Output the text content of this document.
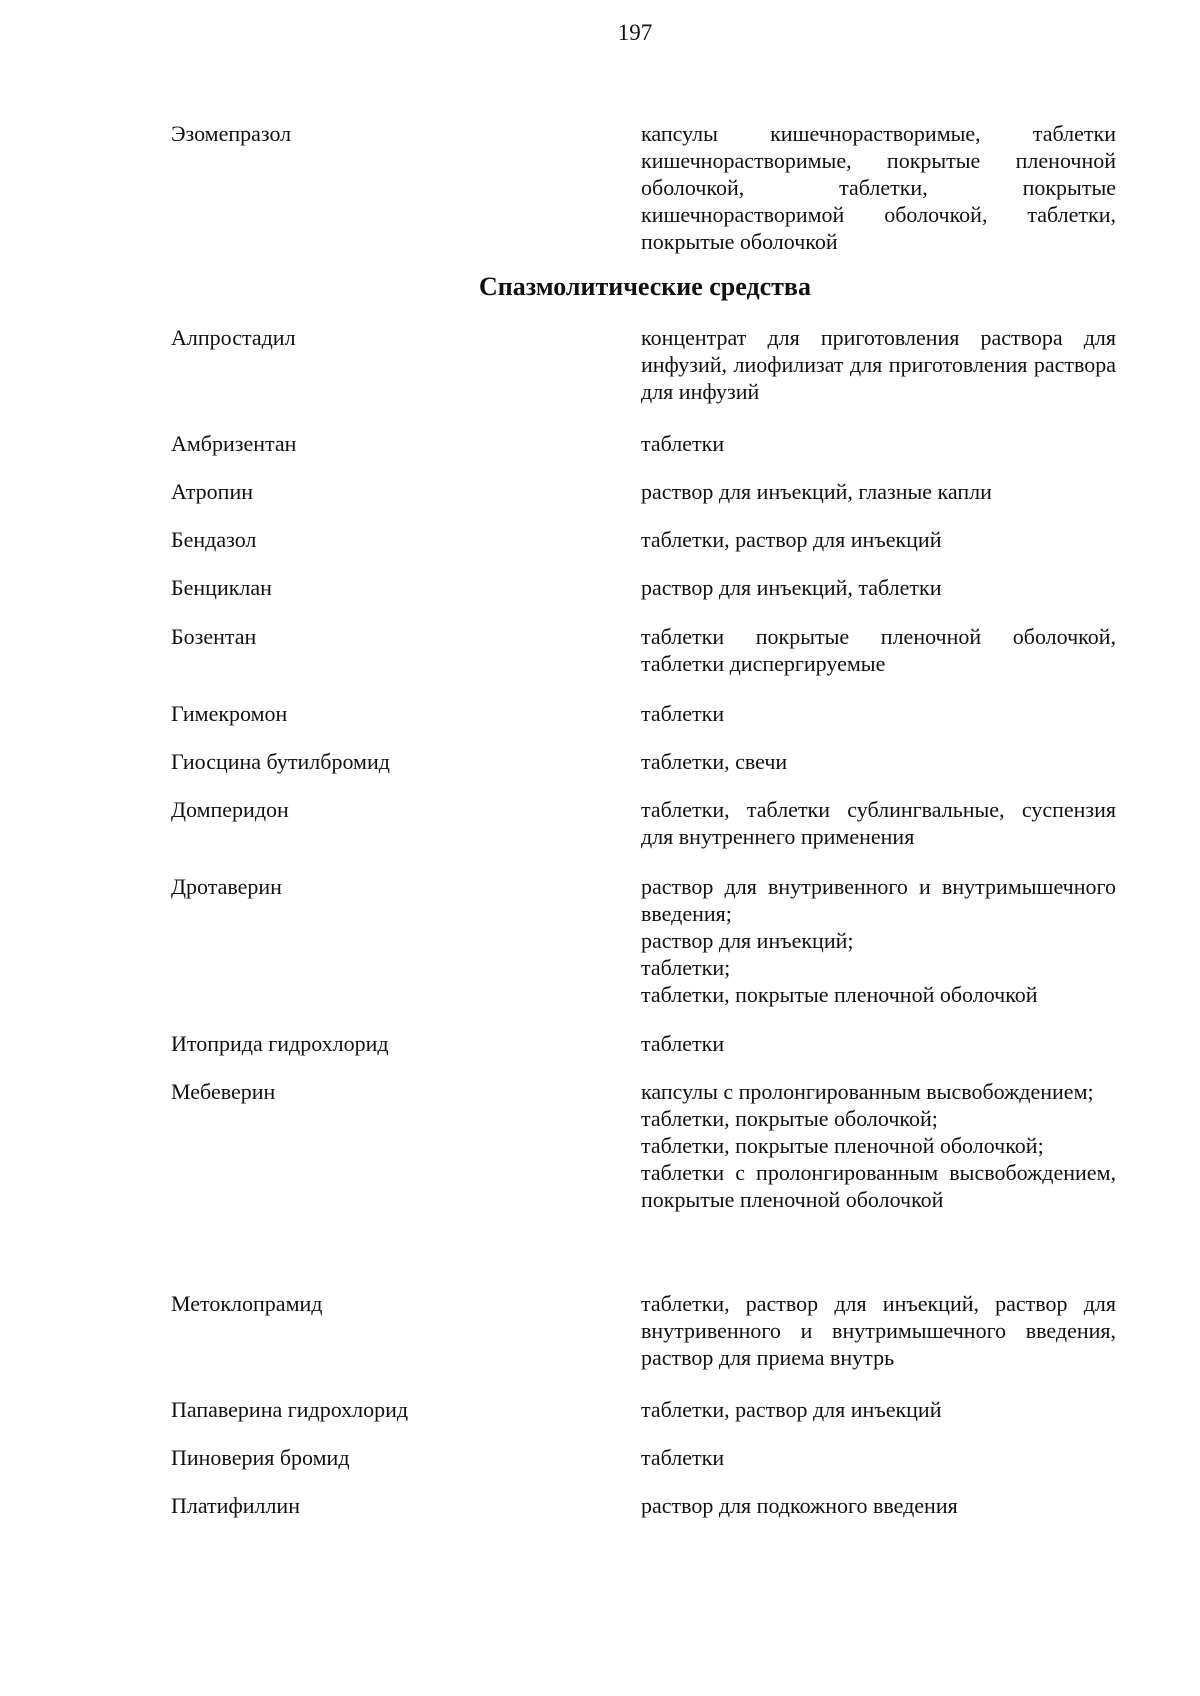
197
Эзомепразол	капсулы кишечнорастворимые, таблетки кишечнорастворимые, покрытые пленочной оболочкой, таблетки, покрытые кишечнорастворимой оболочкой, таблетки, покрытые оболочкой
Спазмолитические средства
Алпростадил	концентрат для приготовления раствора для инфузий, лиофилизат для приготовления раствора для инфузий
Амбризентан	таблетки
Атропин	раствор для инъекций, глазные капли
Бендазол	таблетки, раствор для инъекций
Бенциклан	раствор для инъекций, таблетки
Бозентан	таблетки покрытые пленочной оболочкой, таблетки диспергируемые
Гимекромон	таблетки
Гиосцина бутилбромид	таблетки, свечи
Домперидон	таблетки, таблетки сублингвальные, суспензия для внутреннего применения
Дротаверин	раствор для внутривенного и внутримышечного введения;
раствор для инъекций;
таблетки;
таблетки, покрытые пленочной оболочкой
Итоприда гидрохлорид	таблетки
Мебеверин	капсулы с пролонгированным высвобождением;
таблетки, покрытые оболочкой;
таблетки, покрытые пленочной оболочкой;
таблетки с пролонгированным высвобождением, покрытые пленочной оболочкой
Метоклопрамид	таблетки, раствор для инъекций, раствор для внутривенного и внутримышечного введения, раствор для приема внутрь
Папаверина гидрохлорид	таблетки, раствор для инъекций
Пиноверия бромид	таблетки
Платифиллин	раствор для подкожного введения
